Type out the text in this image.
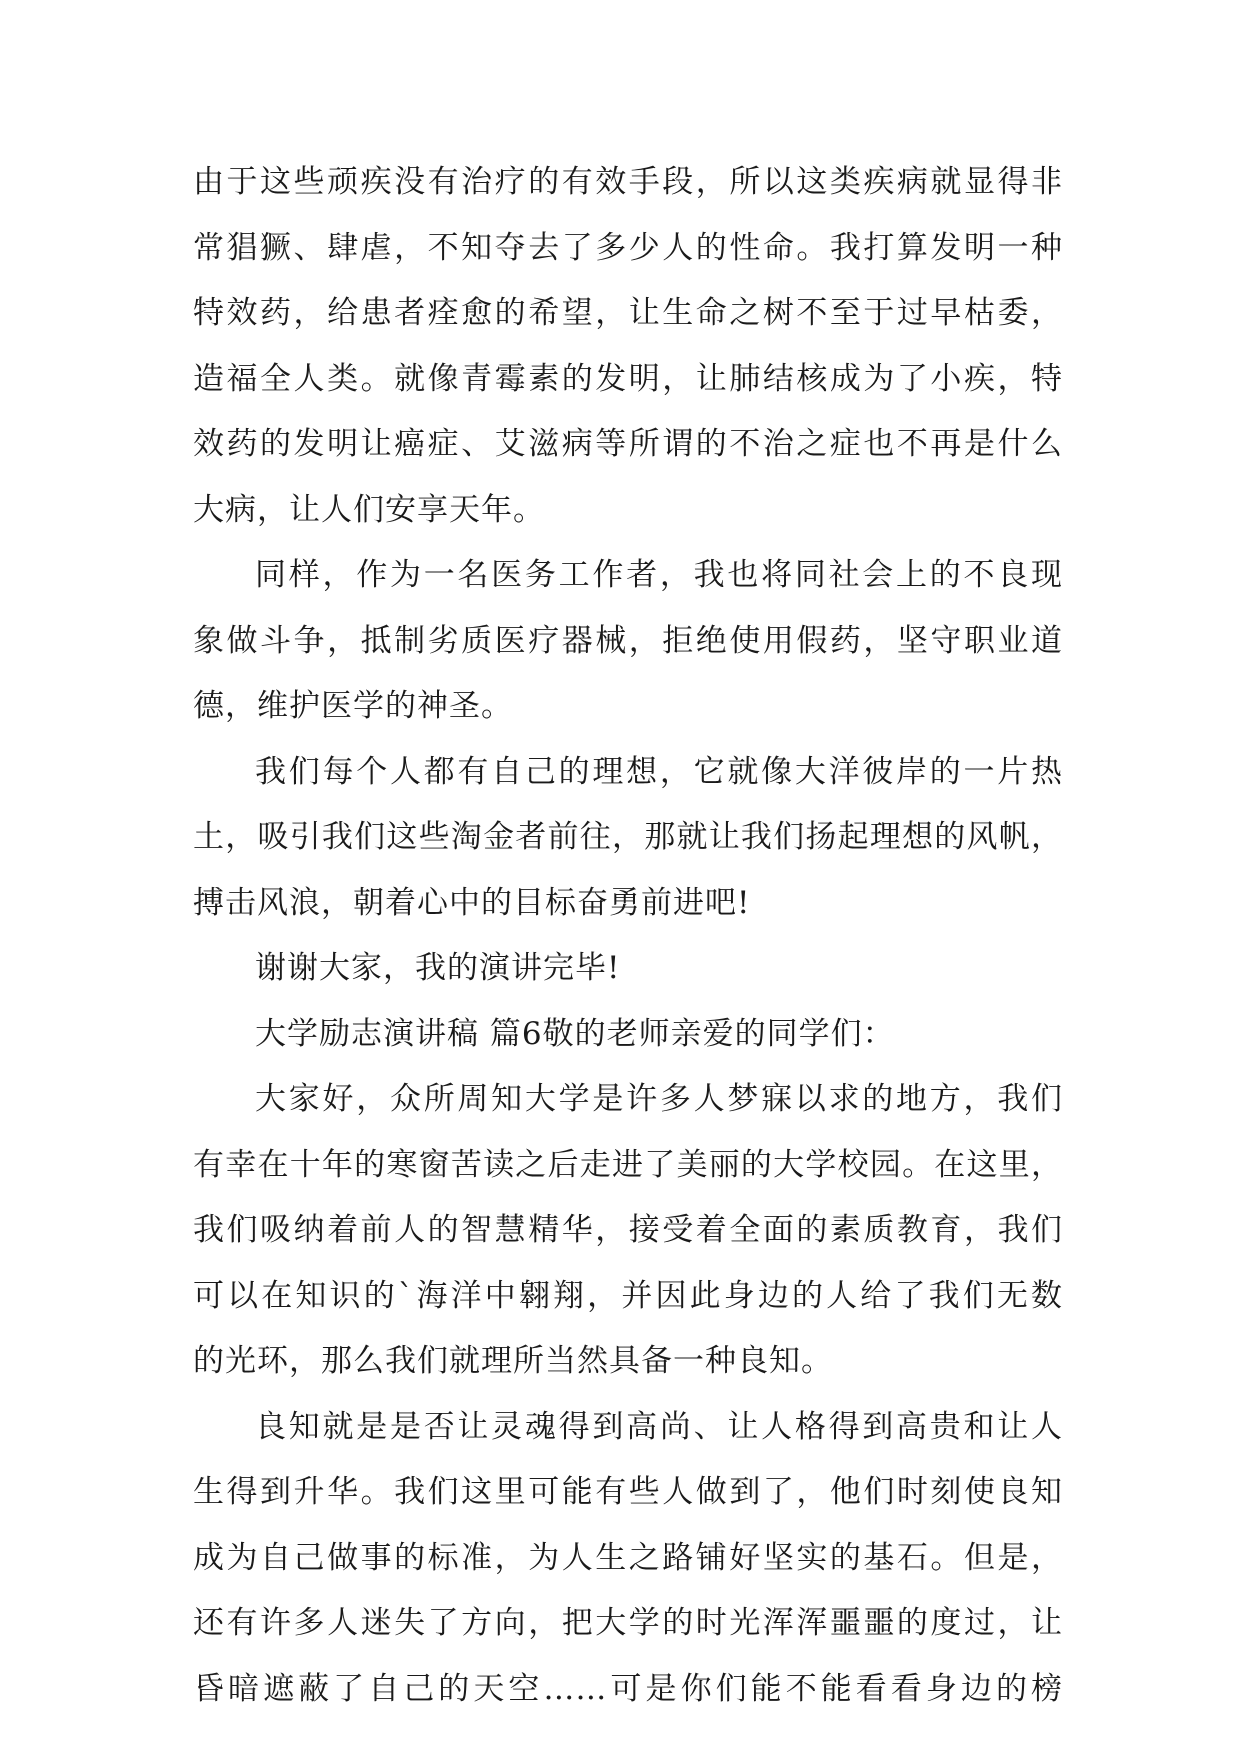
由于这些顽疾没有治疗的有效手段，所以这类疾病就显得非
常猖獗、肆虐，不知夺去了多少人的性命。我打算发明一种
特效药，给患者痊愈的希望，让生命之树不至于过早枯委，
造福全人类。就像青霉素的发明，让肺结核成为了小疾，特
效药的发明让癌症、艾滋病等所谓的不治之症也不再是什么
大病，让人们安享天年。
同样，作为一名医务工作者，我也将同社会上的不良现
象做斗争，抵制劣质医疗器械，拒绝使用假药，坚守职业道
德，维护医学的神圣。
我们每个人都有自己的理想，它就像大洋彼岸的一片热
土，吸引我们这些淘金者前往，那就让我们扬起理想的风帆，
搏击风浪，朝着心中的目标奋勇前进吧!
谢谢大家，我的演讲完毕!
大学励志演讲稿 篇6敬的老师亲爱的同学们：
大家好，众所周知大学是许多人梦寐以求的地方，我们
有幸在十年的寒窗苦读之后走进了美丽的大学校园。在这里，
我们吸纳着前人的智慧精华，接受着全面的素质教育，我们
可以在知识的`海洋中翱翔，并因此身边的人给了我们无数
的光环，那么我们就理所当然具备一种良知。
良知就是是否让灵魂得到高尚、让人格得到高贵和让人
生得到升华。我们这里可能有些人做到了，他们时刻使良知
成为自己做事的标准，为人生之路铺好坚实的基石。但是，
还有许多人迷失了方向，把大学的时光浑浑噩噩的度过，让
昏暗遮蔽了自己的天空……可是你们能不能看看身边的榜
